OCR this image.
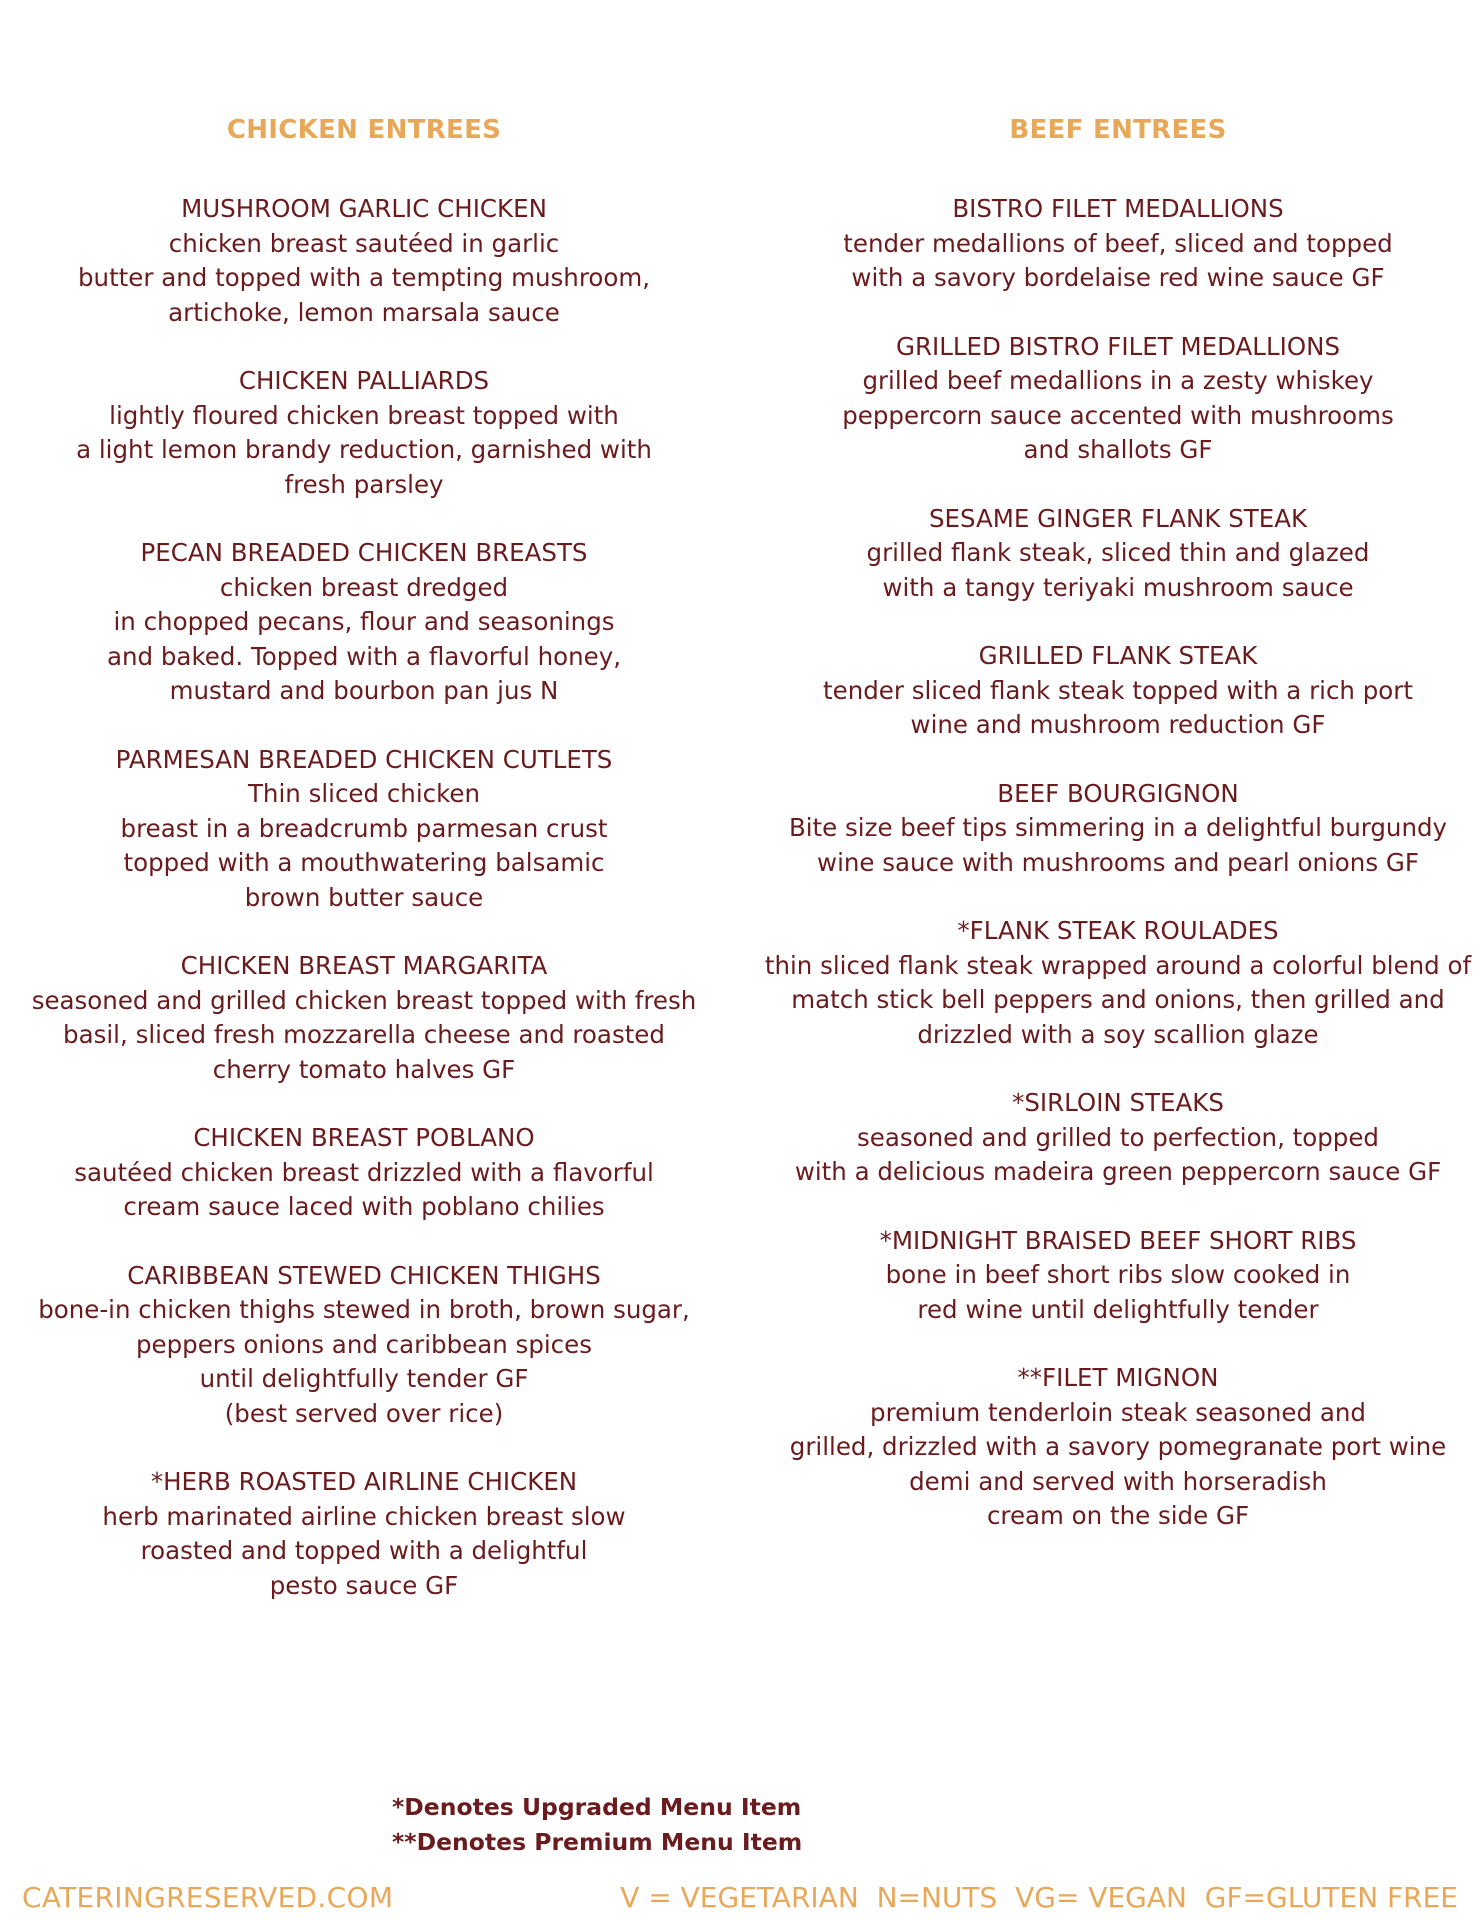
CHICKEN ENTREES
MUSHROOM GARLIC CHICKEN
chicken breast sautéed in garlic
butter and topped with a tempting mushroom,
artichoke, lemon marsala sauce
CHICKEN PALLIARDS
lightly floured chicken breast topped with
a light lemon brandy reduction, garnished with
fresh parsley
PECAN BREADED CHICKEN BREASTS
chicken breast dredged
in chopped pecans, flour and seasonings
and baked. Topped with a flavorful honey,
mustard and bourbon pan jus N
PARMESAN BREADED CHICKEN CUTLETS
Thin sliced chicken
breast in a breadcrumb parmesan crust
topped with a mouthwatering balsamic
brown butter sauce
CHICKEN BREAST MARGARITA
seasoned and grilled chicken breast topped with fresh
basil, sliced fresh mozzarella cheese and roasted
cherry tomato halves GF
CHICKEN BREAST POBLANO
sautéed chicken breast drizzled with a flavorful
cream sauce laced with poblano chilies
CARIBBEAN STEWED CHICKEN THIGHS
bone-in chicken thighs stewed in broth, brown sugar,
peppers onions and caribbean spices
until delightfully tender GF
(best served over rice)
*HERB ROASTED AIRLINE CHICKEN
herb marinated airline chicken breast slow
roasted and topped with a delightful
pesto sauce GF
BEEF ENTREES
BISTRO FILET MEDALLIONS
tender medallions of beef, sliced and topped
with a savory bordelaise red wine sauce GF
GRILLED BISTRO FILET MEDALLIONS
grilled beef medallions in a zesty whiskey
peppercorn sauce accented with mushrooms
and shallots GF
SESAME GINGER FLANK STEAK
grilled flank steak, sliced thin and glazed
with a tangy teriyaki mushroom sauce
GRILLED FLANK STEAK
tender sliced flank steak topped with a rich port
wine and mushroom reduction GF
BEEF BOURGIGNON
Bite size beef tips simmering in a delightful burgundy
wine sauce with mushrooms and pearl onions GF
*FLANK STEAK ROULADES
thin sliced flank steak wrapped around a colorful blend of
match stick bell peppers and onions, then grilled and
drizzled with a soy scallion glaze
*SIRLOIN STEAKS
seasoned and grilled to perfection, topped
with a delicious madeira green peppercorn sauce GF
*MIDNIGHT BRAISED BEEF SHORT RIBS
bone in beef short ribs slow cooked in
red wine until delightfully tender
**FILET MIGNON
premium tenderloin steak seasoned and
grilled, drizzled with a savory pomegranate port wine
demi and served with horseradish
cream on the side GF
*Denotes Upgraded Menu Item
**Denotes Premium Menu Item
CATERINGRESERVED.COM	V = VEGETARIAN  N=NUTS  VG= VEGAN  GF=GLUTEN FREE
